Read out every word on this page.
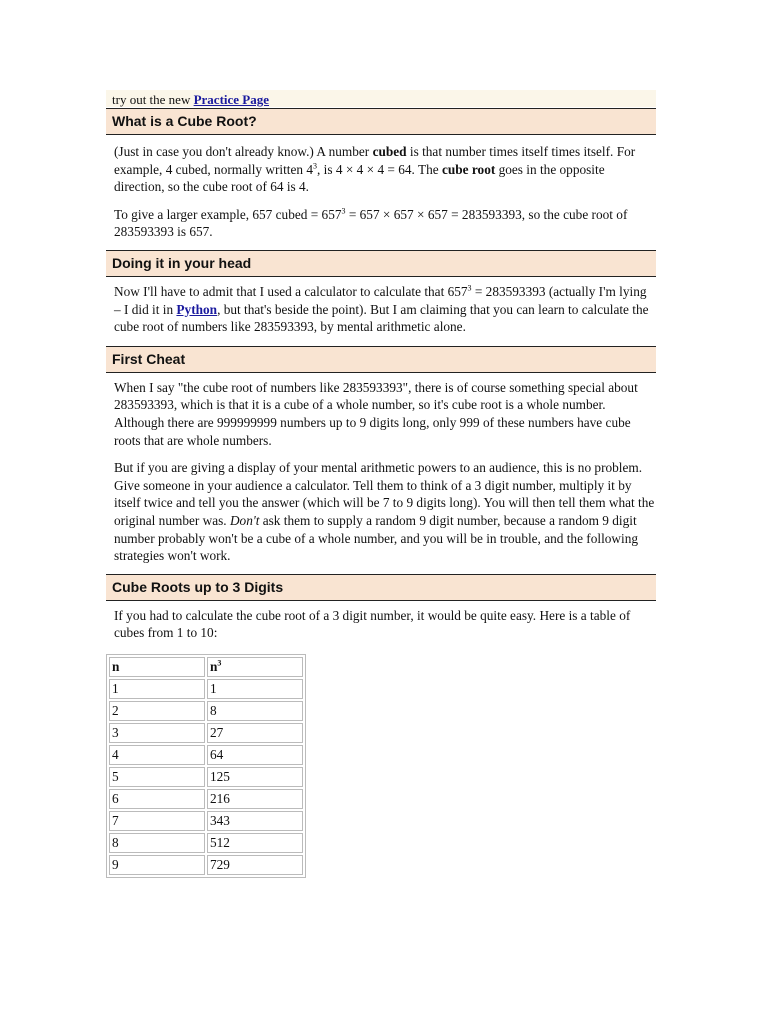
try out the new Practice Page
What is a Cube Root?

(Just in case you don't already know.) A number cubed is that number times itself times itself. For example, 4 cubed, normally written $4^3$, is 4 × 4 × 4 = 64. The cube root goes in the opposite direction, so the cube root of 64 is 4.

To give a larger example, 657 cubed = $657^3 = 657 \times 657 \times 657 = 283593393$, so the cube root of 283593393 is 657.

Doing it in your head

Now I'll have to admit that I used a calculator to calculate that $657^3 = 283593393$ (actually I'm lying – I did it in Python, but that's beside the point). But I am claiming that you can learn to calculate the cube root of numbers like 283593393, by mental arithmetic alone.

First Cheat

When I say "the cube root of numbers like 283593393", there is of course something special about 283593393, which is that it is a cube of a whole number, so it's cube root is a whole number. Although there are 999999999 numbers up to 9 digits long, only 999 of these numbers have cube roots that are whole numbers.

But if you are giving a display of your mental arithmetic powers to an audience, this is no problem. Give someone in your audience a calculator. Tell them to think of a 3 digit number, multiply it by itself twice and tell you the answer (which will be 7 to 9 digits long). You will then tell them what the original number was. Don't ask them to supply a random 9 digit number, because a random 9 digit number probably won't be a cube of a whole number, and you will be in trouble, and the following strategies won't work.

Cube Roots up to 3 Digits

If you had to calculate the cube root of a 3 digit number, it would be quite easy. Here is a table of cubes from 1 to 10:

n	$n^3$
1	1
2	8
3	27
4	64
5	125
6	216
7	343
8	512
9	729
